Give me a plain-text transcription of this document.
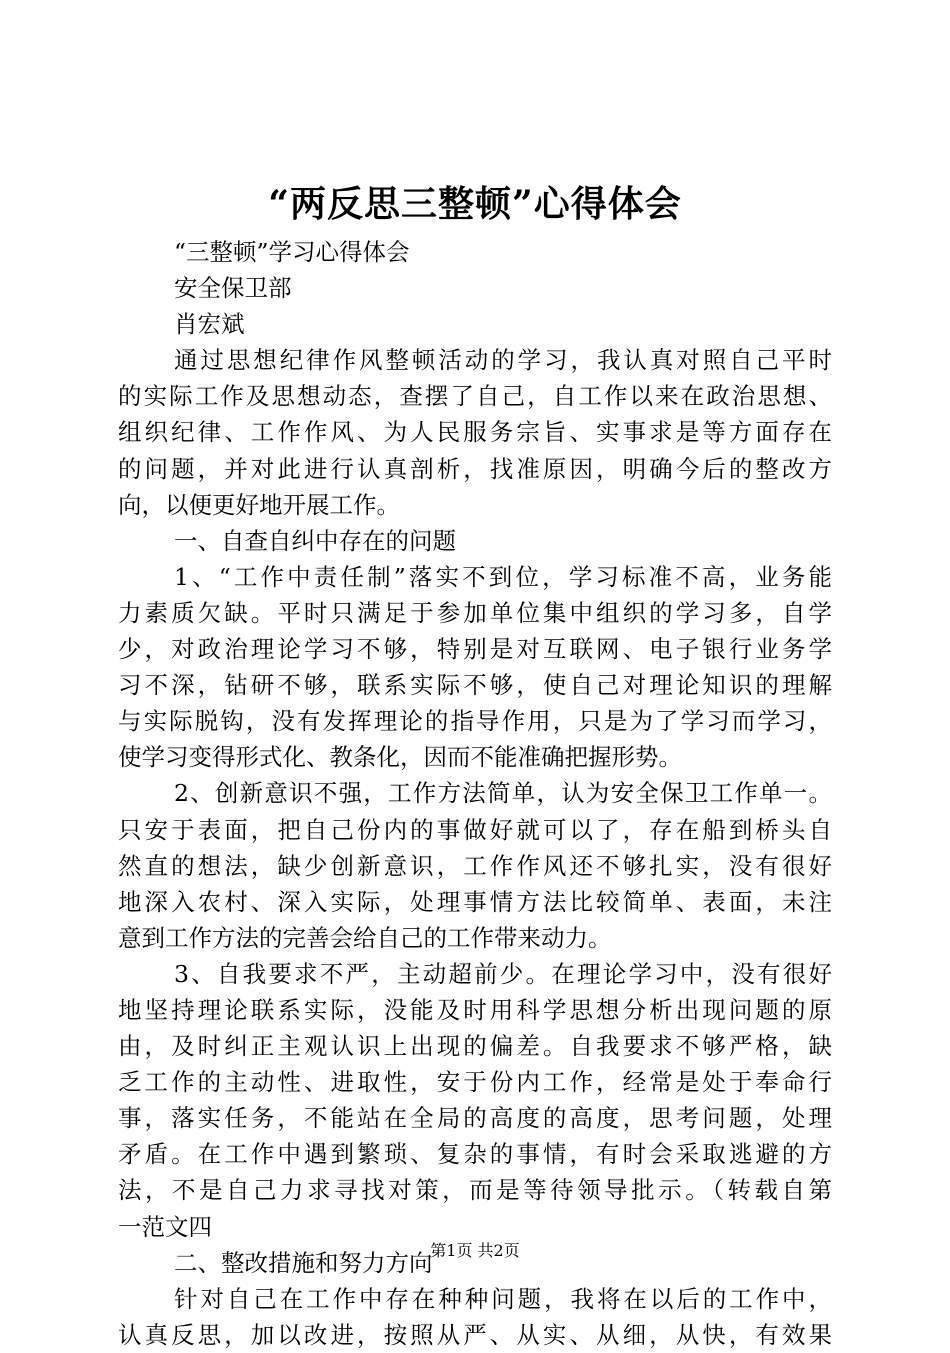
“两反思三整顿”心得体会
“三整顿”学习心得体会
安全保卫部
肖宏斌
通过思想纪律作风整顿活动的学习，我认真对照自己平时
的实际工作及思想动态，查摆了自己，自工作以来在政治思想、
组织纪律、工作作风、为人民服务宗旨、实事求是等方面存在
的问题，并对此进行认真剖析，找准原因，明确今后的整改方
向，以便更好地开展工作。
一、自查自纠中存在的问题
1、“工作中责任制”落实不到位，学习标准不高，业务能
力素质欠缺。平时只满足于参加单位集中组织的学习多，自学
少，对政治理论学习不够，特别是对互联网、电子银行业务学
习不深，钻研不够，联系实际不够，使自己对理论知识的理解
与实际脱钩，没有发挥理论的指导作用，只是为了学习而学习，
使学习变得形式化、教条化，因而不能准确把握形势。
2、创新意识不强，工作方法简单，认为安全保卫工作单一。
只安于表面，把自己份内的事做好就可以了，存在船到桥头自
然直的想法，缺少创新意识，工作作风还不够扎实，没有很好
地深入农村、深入实际，处理事情方法比较简单、表面，未注
意到工作方法的完善会给自己的工作带来动力。
3、自我要求不严，主动超前少。在理论学习中，没有很好
地坚持理论联系实际，没能及时用科学思想分析出现问题的原
由，及时纠正主观认识上出现的偏差。自我要求不够严格，缺
乏工作的主动性、进取性，安于份内工作，经常是处于奉命行
事，落实任务，不能站在全局的高度的高度，思考问题，处理
矛盾。在工作中遇到繁琐、复杂的事情，有时会采取逃避的方
法，不是自己力求寻找对策，而是等待领导批示。（转载自第
一范文四
二、整改措施和努力方向
针对自己在工作中存在种种问题，我将在以后的工作中，
认真反思，加以改进，按照从严、从实、从细，从快，有效果
第1页 共2页
